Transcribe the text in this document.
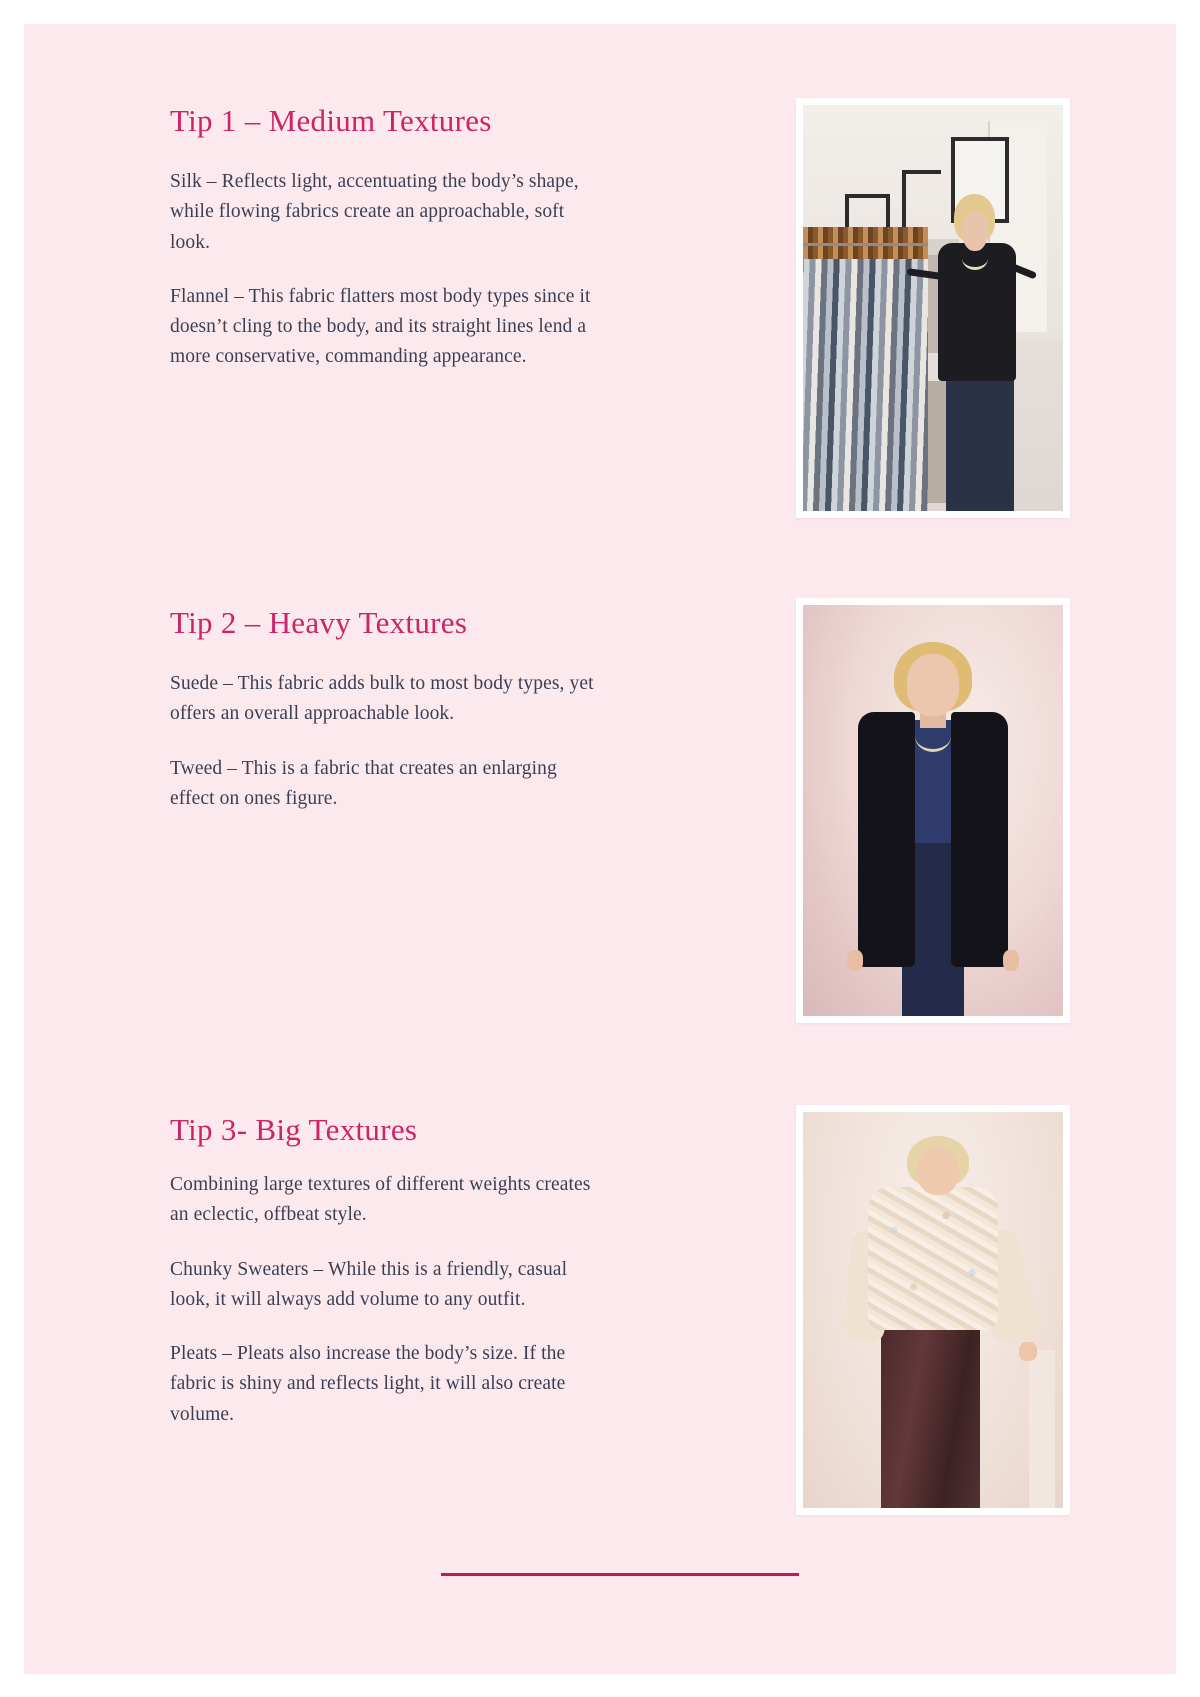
Tip 1 – Medium Textures

Silk – Reflects light, accentuating the body’s shape, while flowing fabrics create an approachable, soft look.

Flannel – This fabric flatters most body types since it doesn’t cling to the body, and its straight lines lend a more conservative, commanding appearance.

Tip 2 – Heavy Textures

Suede – This fabric adds bulk to most body types, yet offers an overall approachable look.

Tweed – This is a fabric that creates an enlarging effect on ones figure.

Tip 3- Big Textures

Combining large textures of different weights creates an eclectic, offbeat style.

Chunky Sweaters – While this is a friendly, casual look, it will always add volume to any outfit.

Pleats – Pleats also increase the body’s size. If the fabric is shiny and reflects light, it will also create volume.
